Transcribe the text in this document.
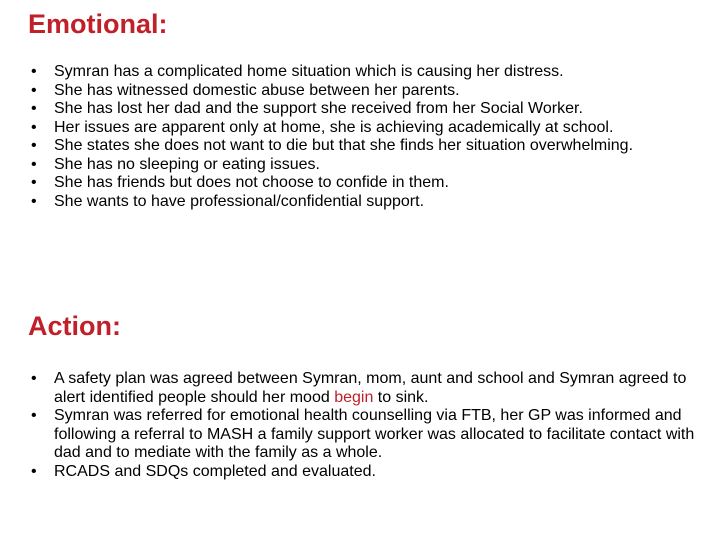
Emotional:
• Symran has a complicated home situation which is causing her distress.
• She has witnessed domestic abuse between her parents.
• She has lost her dad and the support she received from her Social Worker.
• Her issues are apparent only at home, she is achieving academically at school.
• She states she does not want to die but that she finds her situation overwhelming.
• She has no sleeping or eating issues.
• She has friends but does not choose to confide in them.
• She wants to have professional/confidential support.
Action:
• A safety plan was agreed between Symran, mom, aunt and school and Symran agreed to alert identified people should her mood begin to sink.
• Symran was referred for emotional health counselling via FTB, her GP was informed and following a referral to MASH a family support worker was allocated to facilitate contact with dad and to mediate with the family as a whole.
• RCADS and SDQs completed and evaluated.
